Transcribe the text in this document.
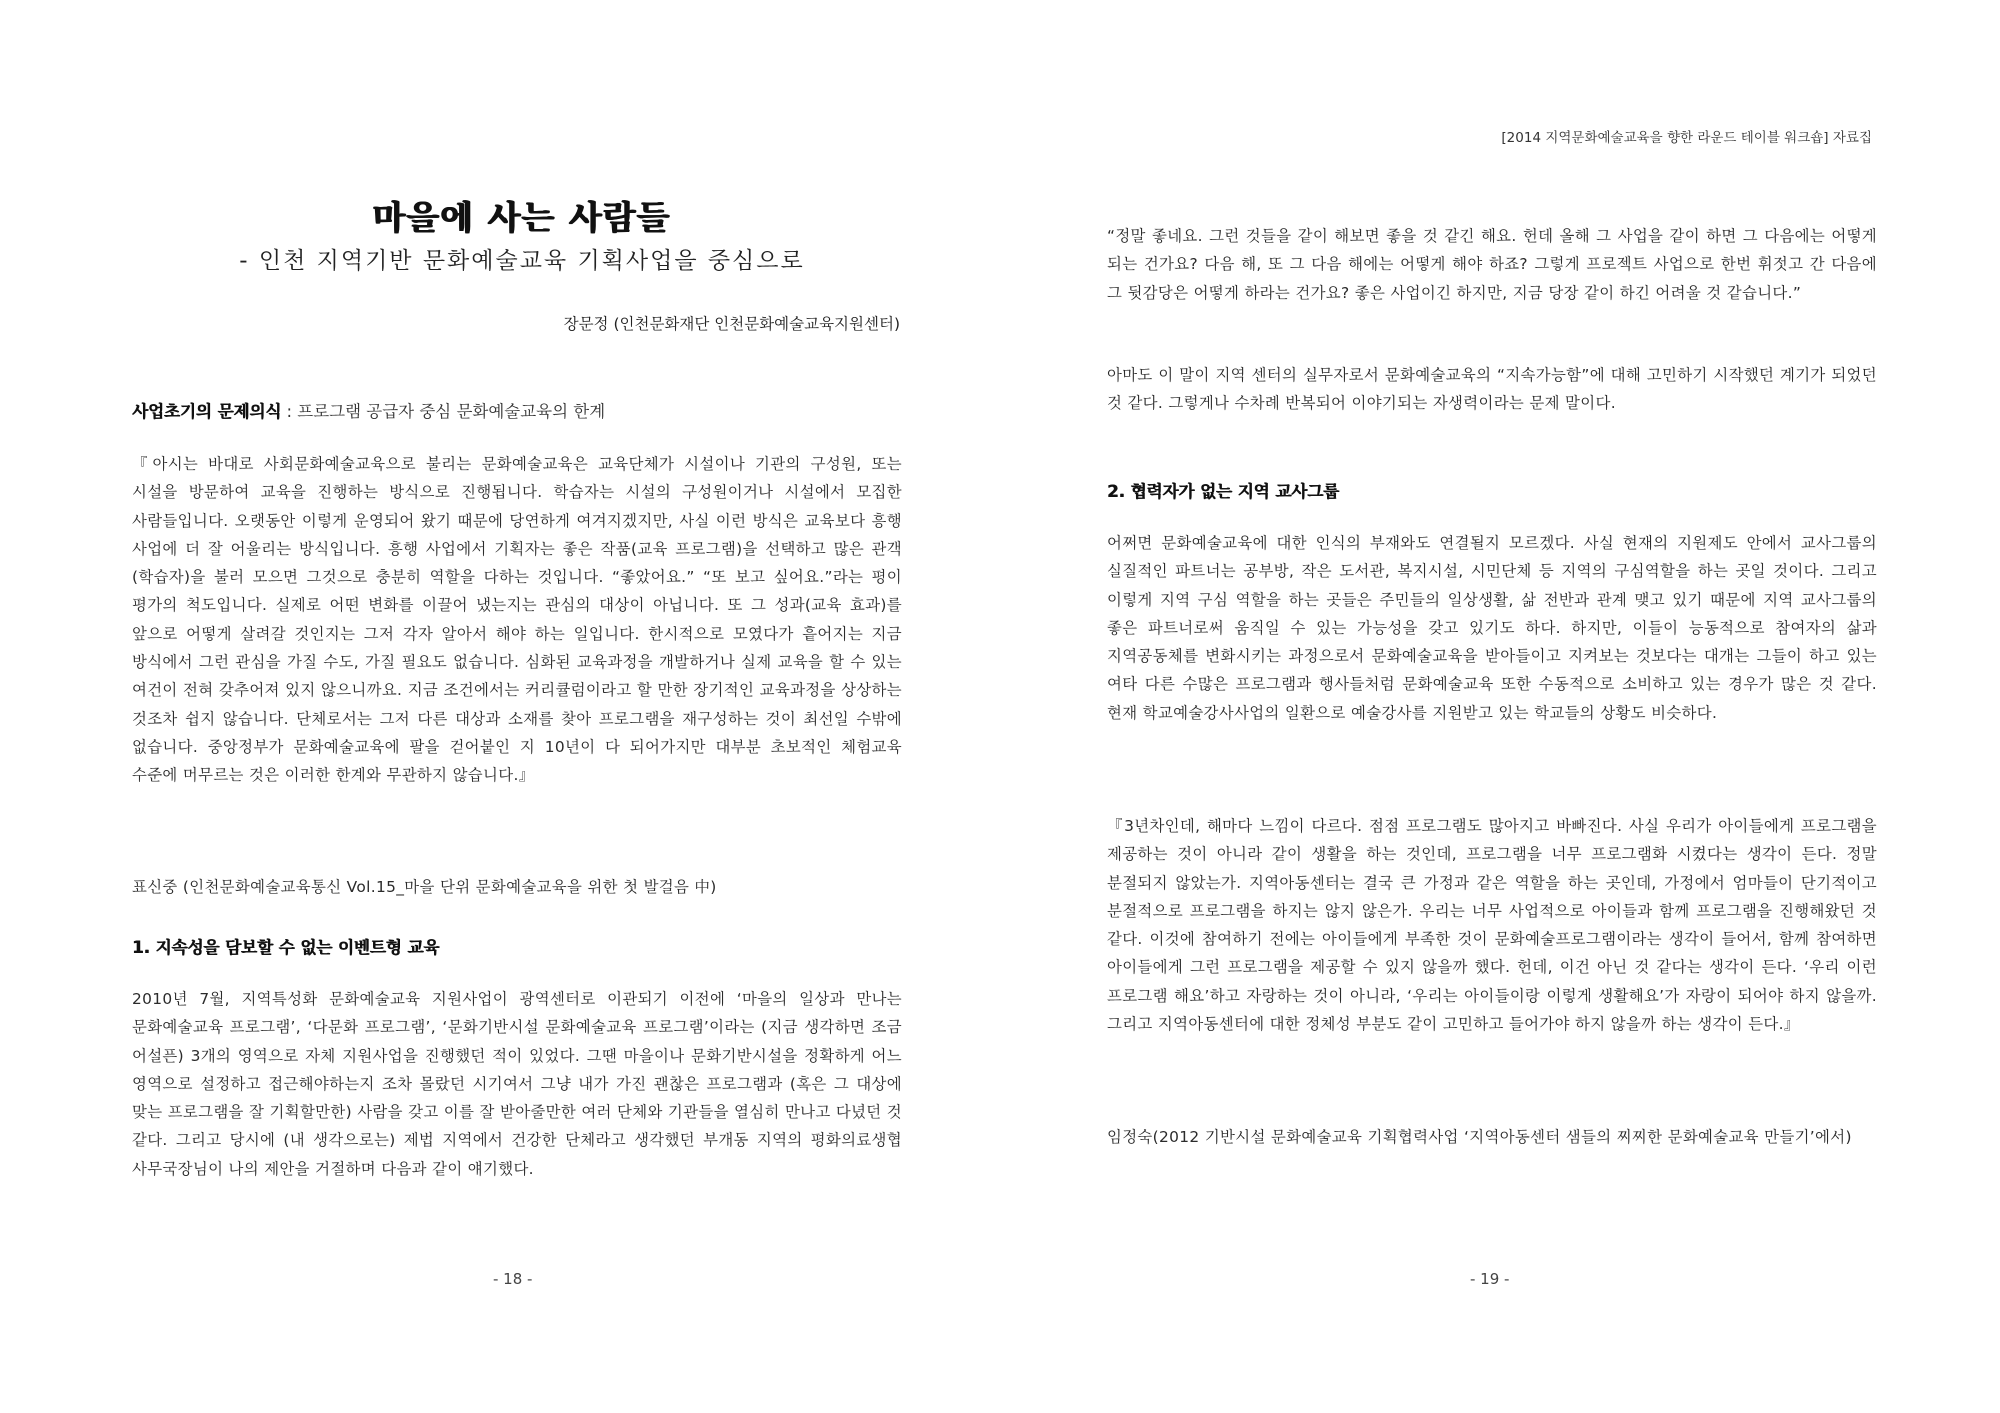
마을에 사는 사람들
- 인천 지역기반 문화예술교육 기획사업을 중심으로
장문정 (인천문화재단 인천문화예술교육지원센터)
사업초기의 문제의식 : 프로그램 공급자 중심 문화예술교육의 한계
『아시는 바대로 사회문화예술교육으로 불리는 문화예술교육은 교육단체가 시설이나 기관의 구성원, 또는 시설을 방문하여 교육을 진행하는 방식으로 진행됩니다. 학습자는 시설의 구성원이거나 시설에서 모집한 사람들입니다. 오랫동안 이렇게 운영되어 왔기 때문에 당연하게 여겨지겠지만, 사실 이런 방식은 교육보다 흥행 사업에 더 잘 어울리는 방식입니다. 흥행 사업에서 기획자는 좋은 작품(교육 프로그램)을 선택하고 많은 관객(학습자)을 불러 모으면 그것으로 충분히 역할을 다하는 것입니다. “좋았어요.” “또 보고 싶어요.”라는 평이 평가의 척도입니다. 실제로 어떤 변화를 이끌어 냈는지는 관심의 대상이 아닙니다. 또 그 성과(교육 효과)를 앞으로 어떻게 살려갈 것인지는 그저 각자 알아서 해야 하는 일입니다. 한시적으로 모였다가 흩어지는 지금 방식에서 그런 관심을 가질 수도, 가질 필요도 없습니다. 심화된 교육과정을 개발하거나 실제 교육을 할 수 있는 여건이 전혀 갖추어져 있지 않으니까요. 지금 조건에서는 커리큘럼이라고 할 만한 장기적인 교육과정을 상상하는 것조차 쉽지 않습니다. 단체로서는 그저 다른 대상과 소재를 찾아 프로그램을 재구성하는 것이 최선일 수밖에 없습니다. 중앙정부가 문화예술교육에 팔을 걷어붙인 지 10년이 다 되어가지만 대부분 초보적인 체험교육 수준에 머무르는 것은 이러한 한계와 무관하지 않습니다.』
표신중 (인천문화예술교육통신 Vol.15_마을 단위 문화예술교육을 위한 첫 발걸음 中)
1. 지속성을 담보할 수 없는 이벤트형 교육
2010년 7월, 지역특성화 문화예술교육 지원사업이 광역센터로 이관되기 이전에 ‘마을의 일상과 만나는 문화예술교육 프로그램’, ‘다문화 프로그램’, ‘문화기반시설 문화예술교육 프로그램’이라는 (지금 생각하면 조금 어설픈) 3개의 영역으로 자체 지원사업을 진행했던 적이 있었다. 그땐 마을이나 문화기반시설을 정확하게 어느 영역으로 설정하고 접근해야하는지 조차 몰랐던 시기여서 그냥 내가 가진 괜찮은 프로그램과 (혹은 그 대상에 맞는 프로그램을 잘 기획할만한) 사람을 갖고 이를 잘 받아줄만한 여러 단체와 기관들을 열심히 만나고 다녔던 것 같다. 그리고 당시에 (내 생각으로는) 제법 지역에서 건강한 단체라고 생각했던 부개동 지역의 평화의료생협 사무국장님이 나의 제안을 거절하며 다음과 같이 얘기했다.
- 18 -
[2014 지역문화예술교육을 향한 라운드 테이블 워크숍] 자료집
“정말 좋네요. 그런 것들을 같이 해보면 좋을 것 같긴 해요. 헌데 올해 그 사업을 같이 하면 그 다음에는 어떻게 되는 건가요? 다음 해, 또 그 다음 해에는 어떻게 해야 하죠? 그렇게 프로젝트 사업으로 한번 휘젓고 간 다음에 그 뒷감당은 어떻게 하라는 건가요? 좋은 사업이긴 하지만, 지금 당장 같이 하긴 어려울 것 같습니다.”
아마도 이 말이 지역 센터의 실무자로서 문화예술교육의 “지속가능함”에 대해 고민하기 시작했던 계기가 되었던 것 같다. 그렇게나 수차례 반복되어 이야기되는 자생력이라는 문제 말이다.
2. 협력자가 없는 지역 교사그룹
어쩌면 문화예술교육에 대한 인식의 부재와도 연결될지 모르겠다. 사실 현재의 지원제도 안에서 교사그룹의 실질적인 파트너는 공부방, 작은 도서관, 복지시설, 시민단체 등 지역의 구심역할을 하는 곳일 것이다. 그리고 이렇게 지역 구심 역할을 하는 곳들은 주민들의 일상생활, 삶 전반과 관계 맺고 있기 때문에 지역 교사그룹의 좋은 파트너로써 움직일 수 있는 가능성을 갖고 있기도 하다. 하지만, 이들이 능동적으로 참여자의 삶과 지역공동체를 변화시키는 과정으로서 문화예술교육을 받아들이고 지켜보는 것보다는 대개는 그들이 하고 있는 여타 다른 수많은 프로그램과 행사들처럼 문화예술교육 또한 수동적으로 소비하고 있는 경우가 많은 것 같다. 현재 학교예술강사사업의 일환으로 예술강사를 지원받고 있는 학교들의 상황도 비슷하다.
『3년차인데, 해마다 느낌이 다르다. 점점 프로그램도 많아지고 바빠진다. 사실 우리가 아이들에게 프로그램을 제공하는 것이 아니라 같이 생활을 하는 것인데, 프로그램을 너무 프로그램화 시켰다는 생각이 든다. 정말 분절되지 않았는가. 지역아동센터는 결국 큰 가정과 같은 역할을 하는 곳인데, 가정에서 엄마들이 단기적이고 분절적으로 프로그램을 하지는 않지 않은가. 우리는 너무 사업적으로 아이들과 함께 프로그램을 진행해왔던 것 같다. 이것에 참여하기 전에는 아이들에게 부족한 것이 문화예술프로그램이라는 생각이 들어서, 함께 참여하면 아이들에게 그런 프로그램을 제공할 수 있지 않을까 했다. 헌데, 이건 아닌 것 같다는 생각이 든다. ‘우리 이런 프로그램 해요’하고 자랑하는 것이 아니라, ‘우리는 아이들이랑 이렇게 생활해요’가 자랑이 되어야 하지 않을까. 그리고 지역아동센터에 대한 정체성 부분도 같이 고민하고 들어가야 하지 않을까 하는 생각이 든다.』
임정숙(2012 기반시설 문화예술교육 기획협력사업 ‘지역아동센터 샘들의 찌찌한 문화예술교육 만들기’에서)
- 19 -
